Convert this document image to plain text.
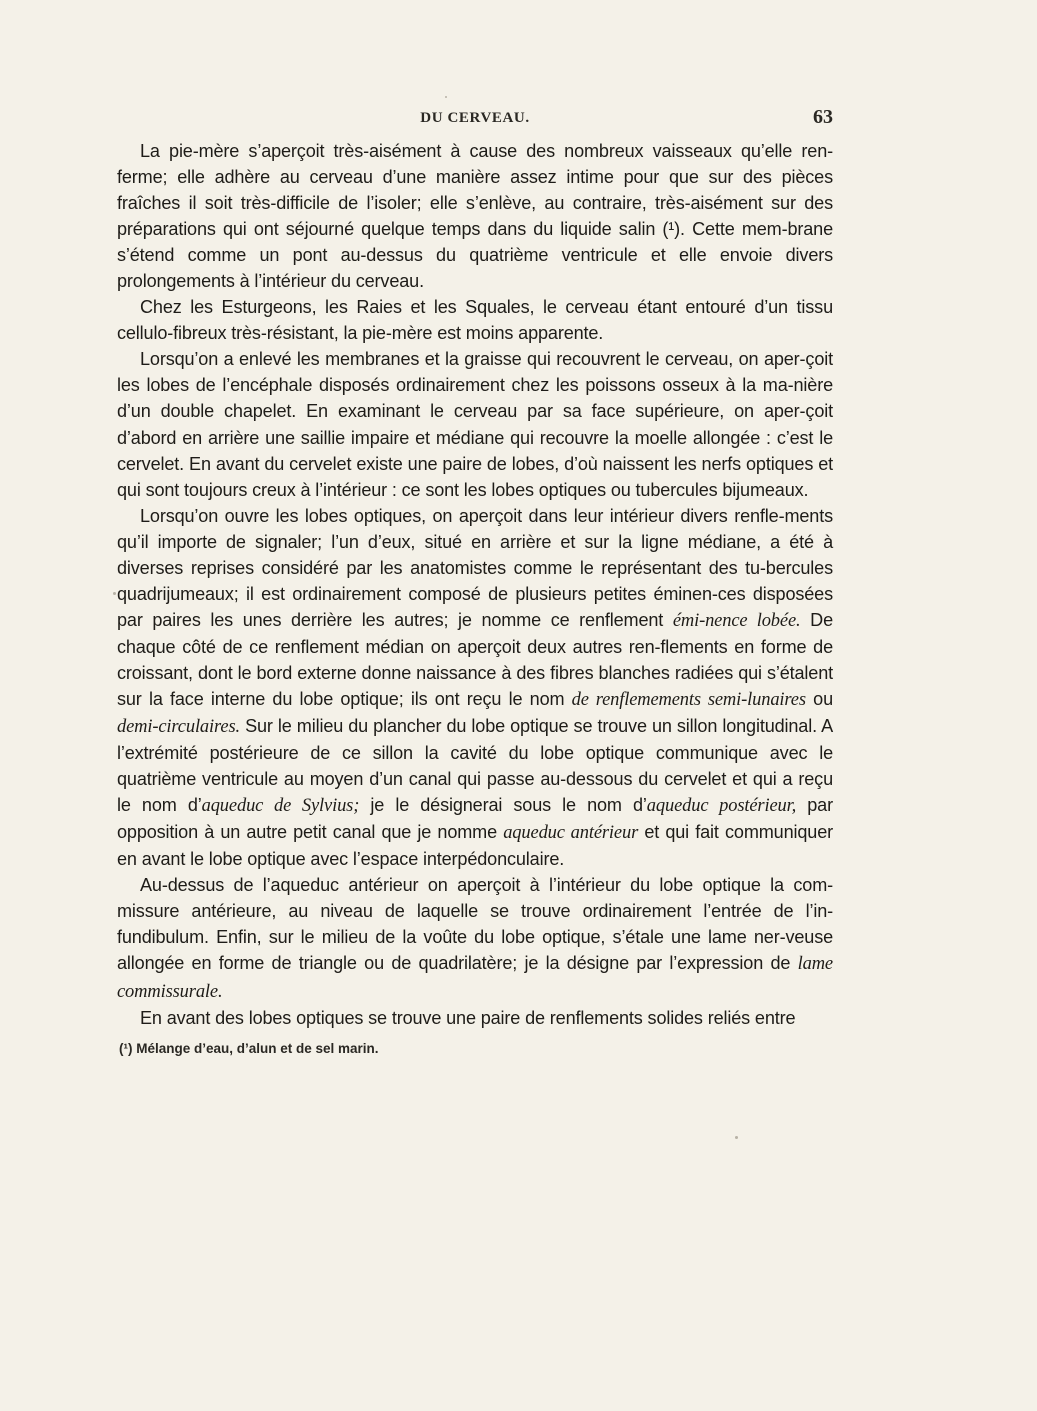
DU CERVEAU.	63

La pie-mère s’aperçoit très-aisément à cause des nombreux vaisseaux qu’elle ren-ferme; elle adhère au cerveau d’une manière assez intime pour que sur des pièces fraîches il soit très-difficile de l’isoler; elle s’enlève, au contraire, très-aisément sur des préparations qui ont séjourné quelque temps dans du liquide salin (¹). Cette mem-brane s’étend comme un pont au-dessus du quatrième ventricule et elle envoie divers prolongements à l’intérieur du cerveau.

Chez les Esturgeons, les Raies et les Squales, le cerveau étant entouré d’un tissu cellulo-fibreux très-résistant, la pie-mère est moins apparente.

Lorsqu’on a enlevé les membranes et la graisse qui recouvrent le cerveau, on aper-çoit les lobes de l’encéphale disposés ordinairement chez les poissons osseux à la ma-nière d’un double chapelet. En examinant le cerveau par sa face supérieure, on aper-çoit d’abord en arrière une saillie impaire et médiane qui recouvre la moelle allongée : c’est le cervelet. En avant du cervelet existe une paire de lobes, d’où naissent les nerfs optiques et qui sont toujours creux à l’intérieur : ce sont les lobes optiques ou tubercules bijumeaux.

Lorsqu’on ouvre les lobes optiques, on aperçoit dans leur intérieur divers renfle-ments qu’il importe de signaler; l’un d’eux, situé en arrière et sur la ligne médiane, a été à diverses reprises considéré par les anatomistes comme le représentant des tu-bercules quadrijumeaux; il est ordinairement composé de plusieurs petites éminen-ces disposées par paires les unes derrière les autres; je nomme ce renflement émi-nence lobée. De chaque côté de ce renflement médian on aperçoit deux autres ren-flements en forme de croissant, dont le bord externe donne naissance à des fibres blanches radiées qui s’étalent sur la face interne du lobe optique; ils ont reçu le nom de renflemements semi-lunaires ou demi-circulaires. Sur le milieu du plancher du lobe optique se trouve un sillon longitudinal. A l’extrémité postérieure de ce sillon la cavité du lobe optique communique avec le quatrième ventricule au moyen d’un canal qui passe au-dessous du cervelet et qui a reçu le nom d’aqueduc de Sylvius; je le désignerai sous le nom d’aqueduc postérieur, par opposition à un autre petit canal que je nomme aqueduc antérieur et qui fait communiquer en avant le lobe optique avec l’espace interpédonculaire.

Au-dessus de l’aqueduc antérieur on aperçoit à l’intérieur du lobe optique la com-missure antérieure, au niveau de laquelle se trouve ordinairement l’entrée de l’in-fundibulum. Enfin, sur le milieu de la voûte du lobe optique, s’étale une lame ner-veuse allongée en forme de triangle ou de quadrilatère; je la désigne par l’expression de lame commissurale.

En avant des lobes optiques se trouve une paire de renflements solides reliés entre

(¹) Mélange d’eau, d’alun et de sel marin.
